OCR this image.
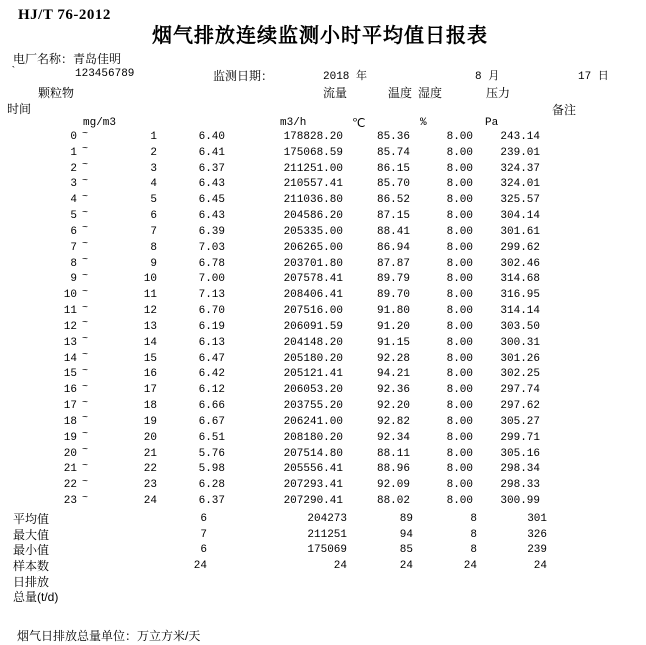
HJ/T 76-2012
烟气排放连续监测小时平均值日报表
电厂名称：青岛佳明
`	123456789	监测日期：	2018 年	8 月	17 日
颗粒物	流量	温度 湿度	压力
时间	备注
mg/m3	m3/h	℃	%	Pa
0 ~	1	6.40	178828.20	85.36	8.00	243.14
1 ~	2	6.41	175068.59	85.74	8.00	239.01
2 ~	3	6.37	211251.00	86.15	8.00	324.37
3 ~	4	6.43	210557.41	85.70	8.00	324.01
4 ~	5	6.45	211036.80	86.52	8.00	325.57
5 ~	6	6.43	204586.20	87.15	8.00	304.14
6 ~	7	6.39	205335.00	88.41	8.00	301.61
7 ~	8	7.03	206265.00	86.94	8.00	299.62
8 ~	9	6.78	203701.80	87.87	8.00	302.46
9 ~	10	7.00	207578.41	89.79	8.00	314.68
10 ~	11	7.13	208406.41	89.70	8.00	316.95
11 ~	12	6.70	207516.00	91.80	8.00	314.14
12 ~	13	6.19	206091.59	91.20	8.00	303.50
13 ~	14	6.13	204148.20	91.15	8.00	300.31
14 ~	15	6.47	205180.20	92.28	8.00	301.26
15 ~	16	6.42	205121.41	94.21	8.00	302.25
16 ~	17	6.12	206053.20	92.36	8.00	297.74
17 ~	18	6.66	203755.20	92.20	8.00	297.62
18 ~	19	6.67	206241.00	92.82	8.00	305.27
19 ~	20	6.51	208180.20	92.34	8.00	299.71
20 ~	21	5.76	207514.80	88.11	8.00	305.16
21 ~	22	5.98	205556.41	88.96	8.00	298.34
22 ~	23	6.28	207293.41	92.09	8.00	298.33
23 ~	24	6.37	207290.41	88.02	8.00	300.99
平均值	6	204273	89	8	301
最大值	7	211251	94	8	326
最小值	6	175069	85	8	239
样本数	24	24	24	24	24
日排放
总量(t/d)
烟气日排放总量单位：万立方米/天
